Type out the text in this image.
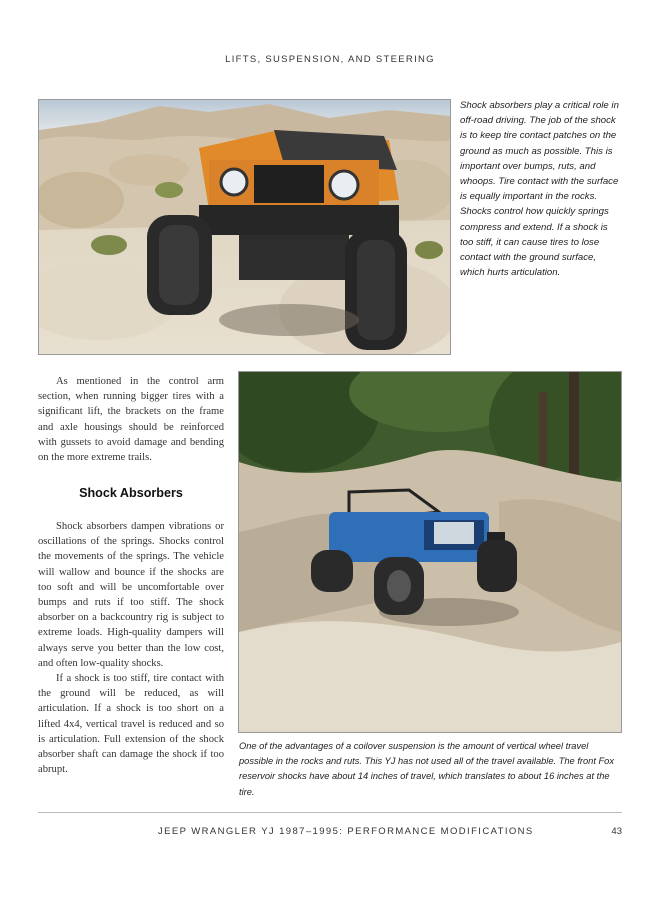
LIFTS, SUSPENSION, AND STEERING
Shock absorbers play a critical role in off-road driving. The job of the shock is to keep tire contact patches on the ground as much as possible. This is important over bumps, ruts, and whoops. Tire contact with the surface is equally important in the rocks. Shocks control how quickly springs compress and extend. If a shock is too stiff, it can cause tires to lose contact with the ground surface, which hurts articulation.

As mentioned in the control arm section, when running bigger tires with a significant lift, the brackets on the frame and axle housings should be reinforced with gussets to avoid damage and bending on the more extreme trails.

Shock Absorbers

Shock absorbers dampen vibrations or oscillations of the springs. Shocks control the movements of the springs. The vehicle will wallow and bounce if the shocks are too soft and will be uncomfortable over bumps and ruts if too stiff. The shock absorber on a backcountry rig is subject to extreme loads. High-quality dampers will always serve you better than the low cost, and often low-quality shocks.

If a shock is too stiff, tire contact with the ground will be reduced, as will articulation. If a shock is too short on a lifted 4x4, vertical travel is reduced and so is articulation. Full extension of the shock absorber shaft can damage the shock if too abrupt.

One of the advantages of a coilover suspension is the amount of vertical wheel travel possible in the rocks and ruts. This YJ has not used all of the travel available. The front Fox reservoir shocks have about 14 inches of travel, which translates to about 16 inches at the tire.
JEEP WRANGLER YJ 1987–1995: PERFORMANCE MODIFICATIONS	43
